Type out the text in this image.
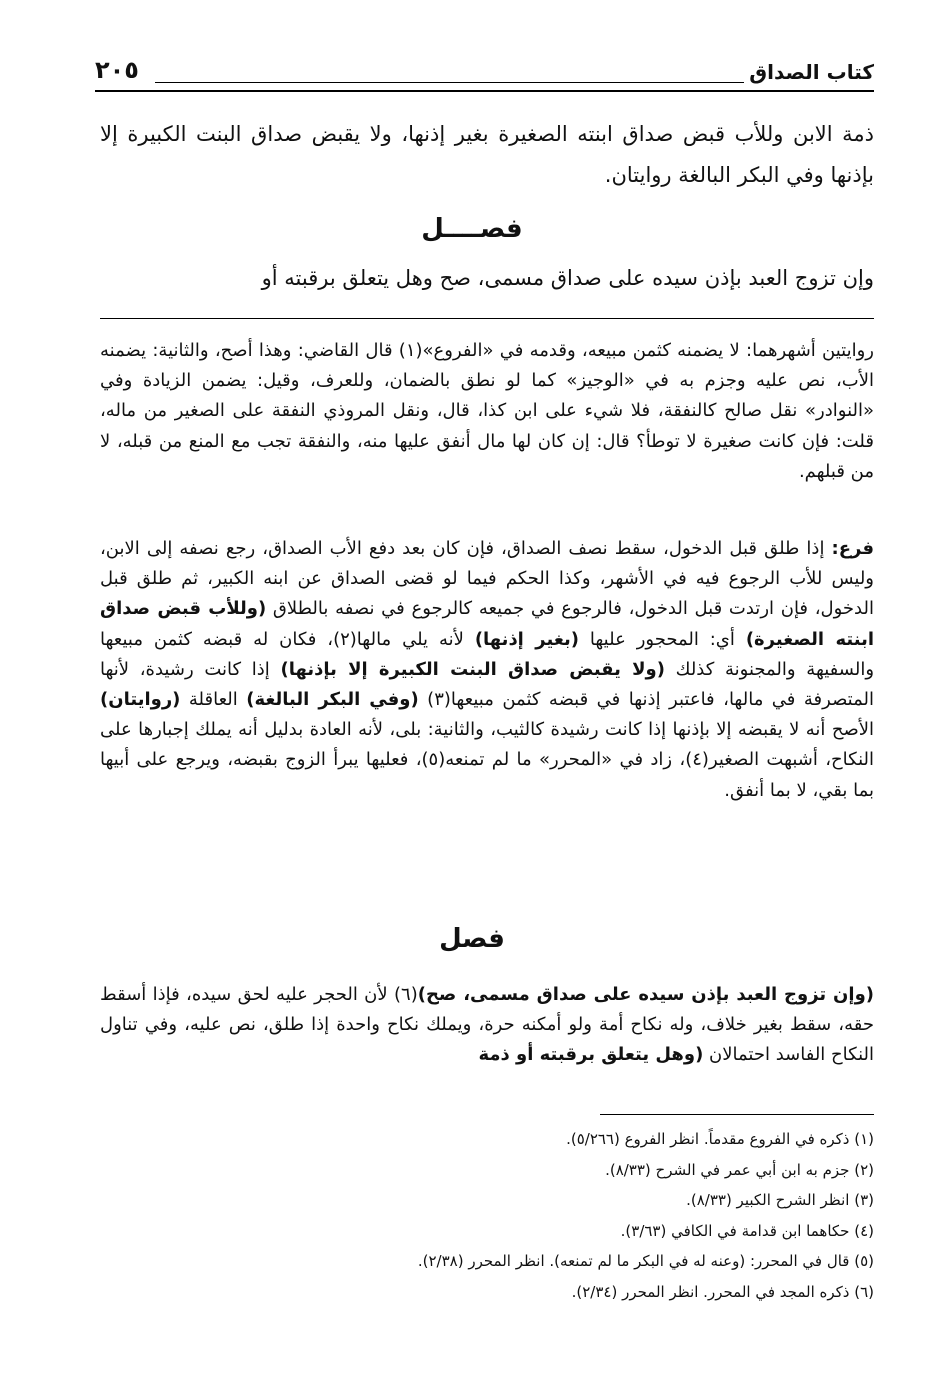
كتاب الصداق
٢٠٥

ذمة الابن وللأب قبض صداق ابنته الصغيرة بغير إذنها، ولا يقبض صداق البنت الكبيرة إلا بإذنها وفي البكر البالغة روايتان.

فصــــل

وإن تزوج العبد بإذن سيده على صداق مسمى، صح وهل يتعلق برقبته أو

روايتين أشهرهما: لا يضمنه كثمن مبيعه، وقدمه في «الفروع»(١) قال القاضي: وهذا أصح، والثانية: يضمنه الأب، نص عليه وجزم به في «الوجيز» كما لو نطق بالضمان، وللعرف، وقيل: يضمن الزيادة وفي «النوادر» نقل صالح كالنفقة، فلا شيء على ابن كذا، قال، ونقل المروذي النفقة على الصغير من ماله، قلت: فإن كانت صغيرة لا توطأ؟ قال: إن كان لها مال أنفق عليها منه، والنفقة تجب مع المنع من قبله، لا من قبلهم.

فرع: إذا طلق قبل الدخول، سقط نصف الصداق، فإن كان بعد دفع الأب الصداق، رجع نصفه إلى الابن، وليس للأب الرجوع فيه في الأشهر، وكذا الحكم فيما لو قضى الصداق عن ابنه الكبير، ثم طلق قبل الدخول، فإن ارتدت قبل الدخول، فالرجوع في جميعه كالرجوع في نصفه بالطلاق (وللأب قبض صداق ابنته الصغيرة) أي: المحجور عليها (بغير إذنها) لأنه يلي مالها(٢)، فكان له قبضه كثمن مبيعها والسفيهة والمجنونة كذلك (ولا يقبض صداق البنت الكبيرة إلا بإذنها) إذا كانت رشيدة، لأنها المتصرفة في مالها، فاعتبر إذنها في قبضه كثمن مبيعها(٣) (وفي البكر البالغة) العاقلة (روايتان) الأصح أنه لا يقبضه إلا بإذنها إذا كانت رشيدة كالثيب، والثانية: بلى، لأنه العادة بدليل أنه يملك إجبارها على النكاح، أشبهت الصغير(٤)، زاد في «المحرر» ما لم تمنعه(٥)، فعليها يبرأ الزوج بقبضه، ويرجع على أبيها بما بقي، لا بما أنفق.

فصل

(وإن تزوج العبد بإذن سيده على صداق مسمى، صح)(٦) لأن الحجر عليه لحق سيده، فإذا أسقط حقه، سقط بغير خلاف، وله نكاح أمة ولو أمكنه حرة، ويملك نكاح واحدة إذا طلق، نص عليه، وفي تناول النكاح الفاسد احتمالان (وهل يتعلق برقبته أو ذمة

(١) ذكره في الفروع مقدماً. انظر الفروع (٥/٢٦٦).
(٢) جزم به ابن أبي عمر في الشرح (٨/٣٣).
(٣) انظر الشرح الكبير (٨/٣٣).
(٤) حكاهما ابن قدامة في الكافي (٣/٦٣).
(٥) قال في المحرر: (وعنه له في البكر ما لم تمنعه). انظر المحرر (٢/٣٨).
(٦) ذكره المجد في المحرر. انظر المحرر (٢/٣٤).
